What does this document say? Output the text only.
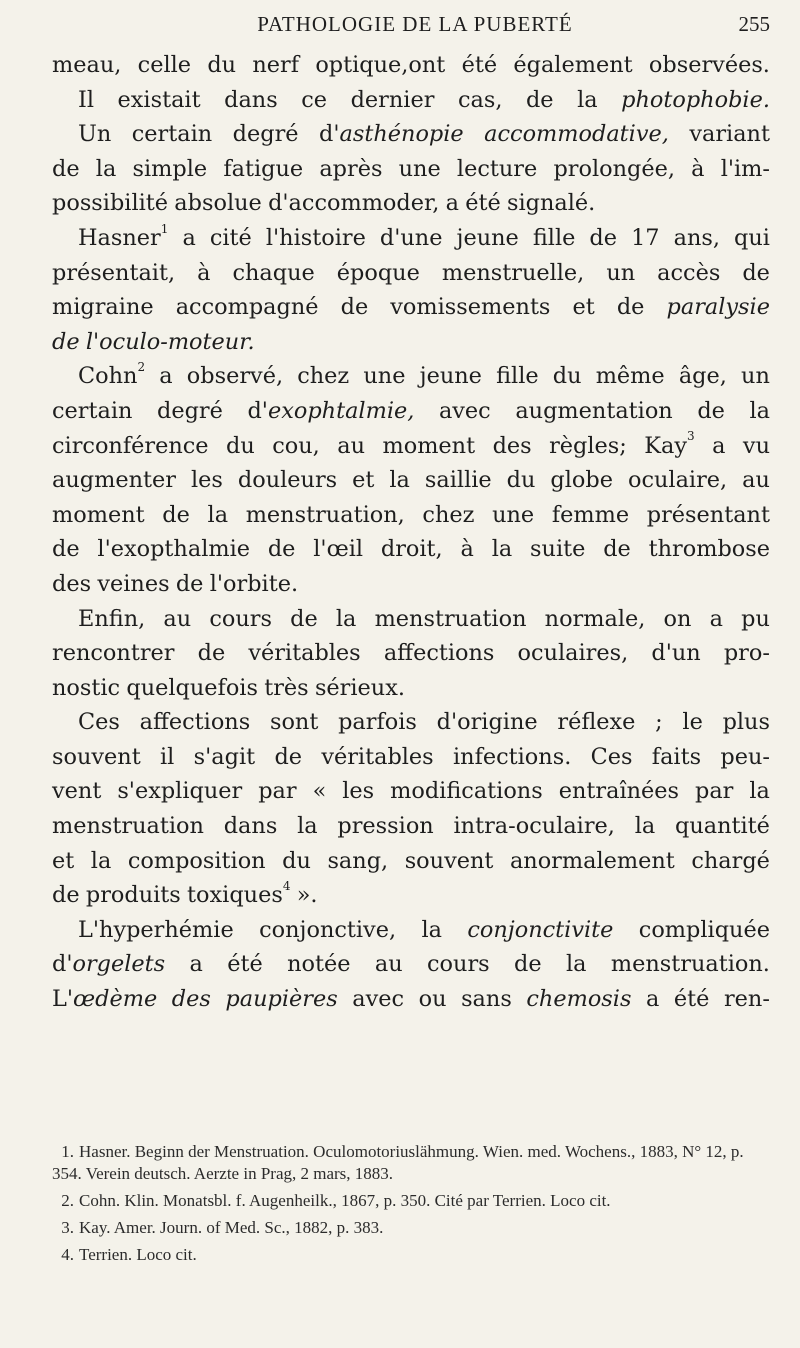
PATHOLOGIE DE LA PUBERTÉ	255
meau, celle du nerf optique,ont été également observées.
Il existait dans ce dernier cas, de la photophobie.
Un certain degré d'asthénopie accommodative, variant
de la simple fatigue après une lecture prolongée, à l'im-
possibilité absolue d'accommoder, a été signalé.
Hasner$^1$ a cité l'histoire d'une jeune fille de 17 ans, qui
présentait, à chaque époque menstruelle, un accès de
migraine accompagné de vomissements et de paralysie
de l'oculo-moteur.
Cohn$^2$ a observé, chez une jeune fille du même âge, un
certain degré d'exophtalmie, avec augmentation de la
circonférence du cou, au moment des règles; Kay$^3$ a vu
augmenter les douleurs et la saillie du globe oculaire, au
moment de la menstruation, chez une femme présentant
de l'exopthalmie de l'œil droit, à la suite de thrombose
des veines de l'orbite.
Enfin, au cours de la menstruation normale, on a pu
rencontrer de véritables affections oculaires, d'un pro-
nostic quelquefois très sérieux.
Ces affections sont parfois d'origine réflexe ; le plus
souvent il s'agit de véritables infections. Ces faits peu-
vent s'expliquer par « les modifications entraînées par la
menstruation dans la pression intra-oculaire, la quantité
et la composition du sang, souvent anormalement chargé
de produits toxiques$^4$ ».
L'hyperhémie conjonctive, la conjonctivite compliquée
d'orgelets a été notée au cours de la menstruation.
L'œdème des paupières avec ou sans chemosis a été ren-
1. Hasner. Beginn der Menstruation. Oculomotoriuslähmung. Wien. med. Wochens., 1883, N° 12, p. 354. Verein deutsch. Aerzte in Prag, 2 mars, 1883.
2. Cohn. Klin. Monatsbl. f. Augenheilk., 1867, p. 350. Cité par Terrien. Loco cit.
3. Kay. Amer. Journ. of Med. Sc., 1882, p. 383.
4. Terrien. Loco cit.
